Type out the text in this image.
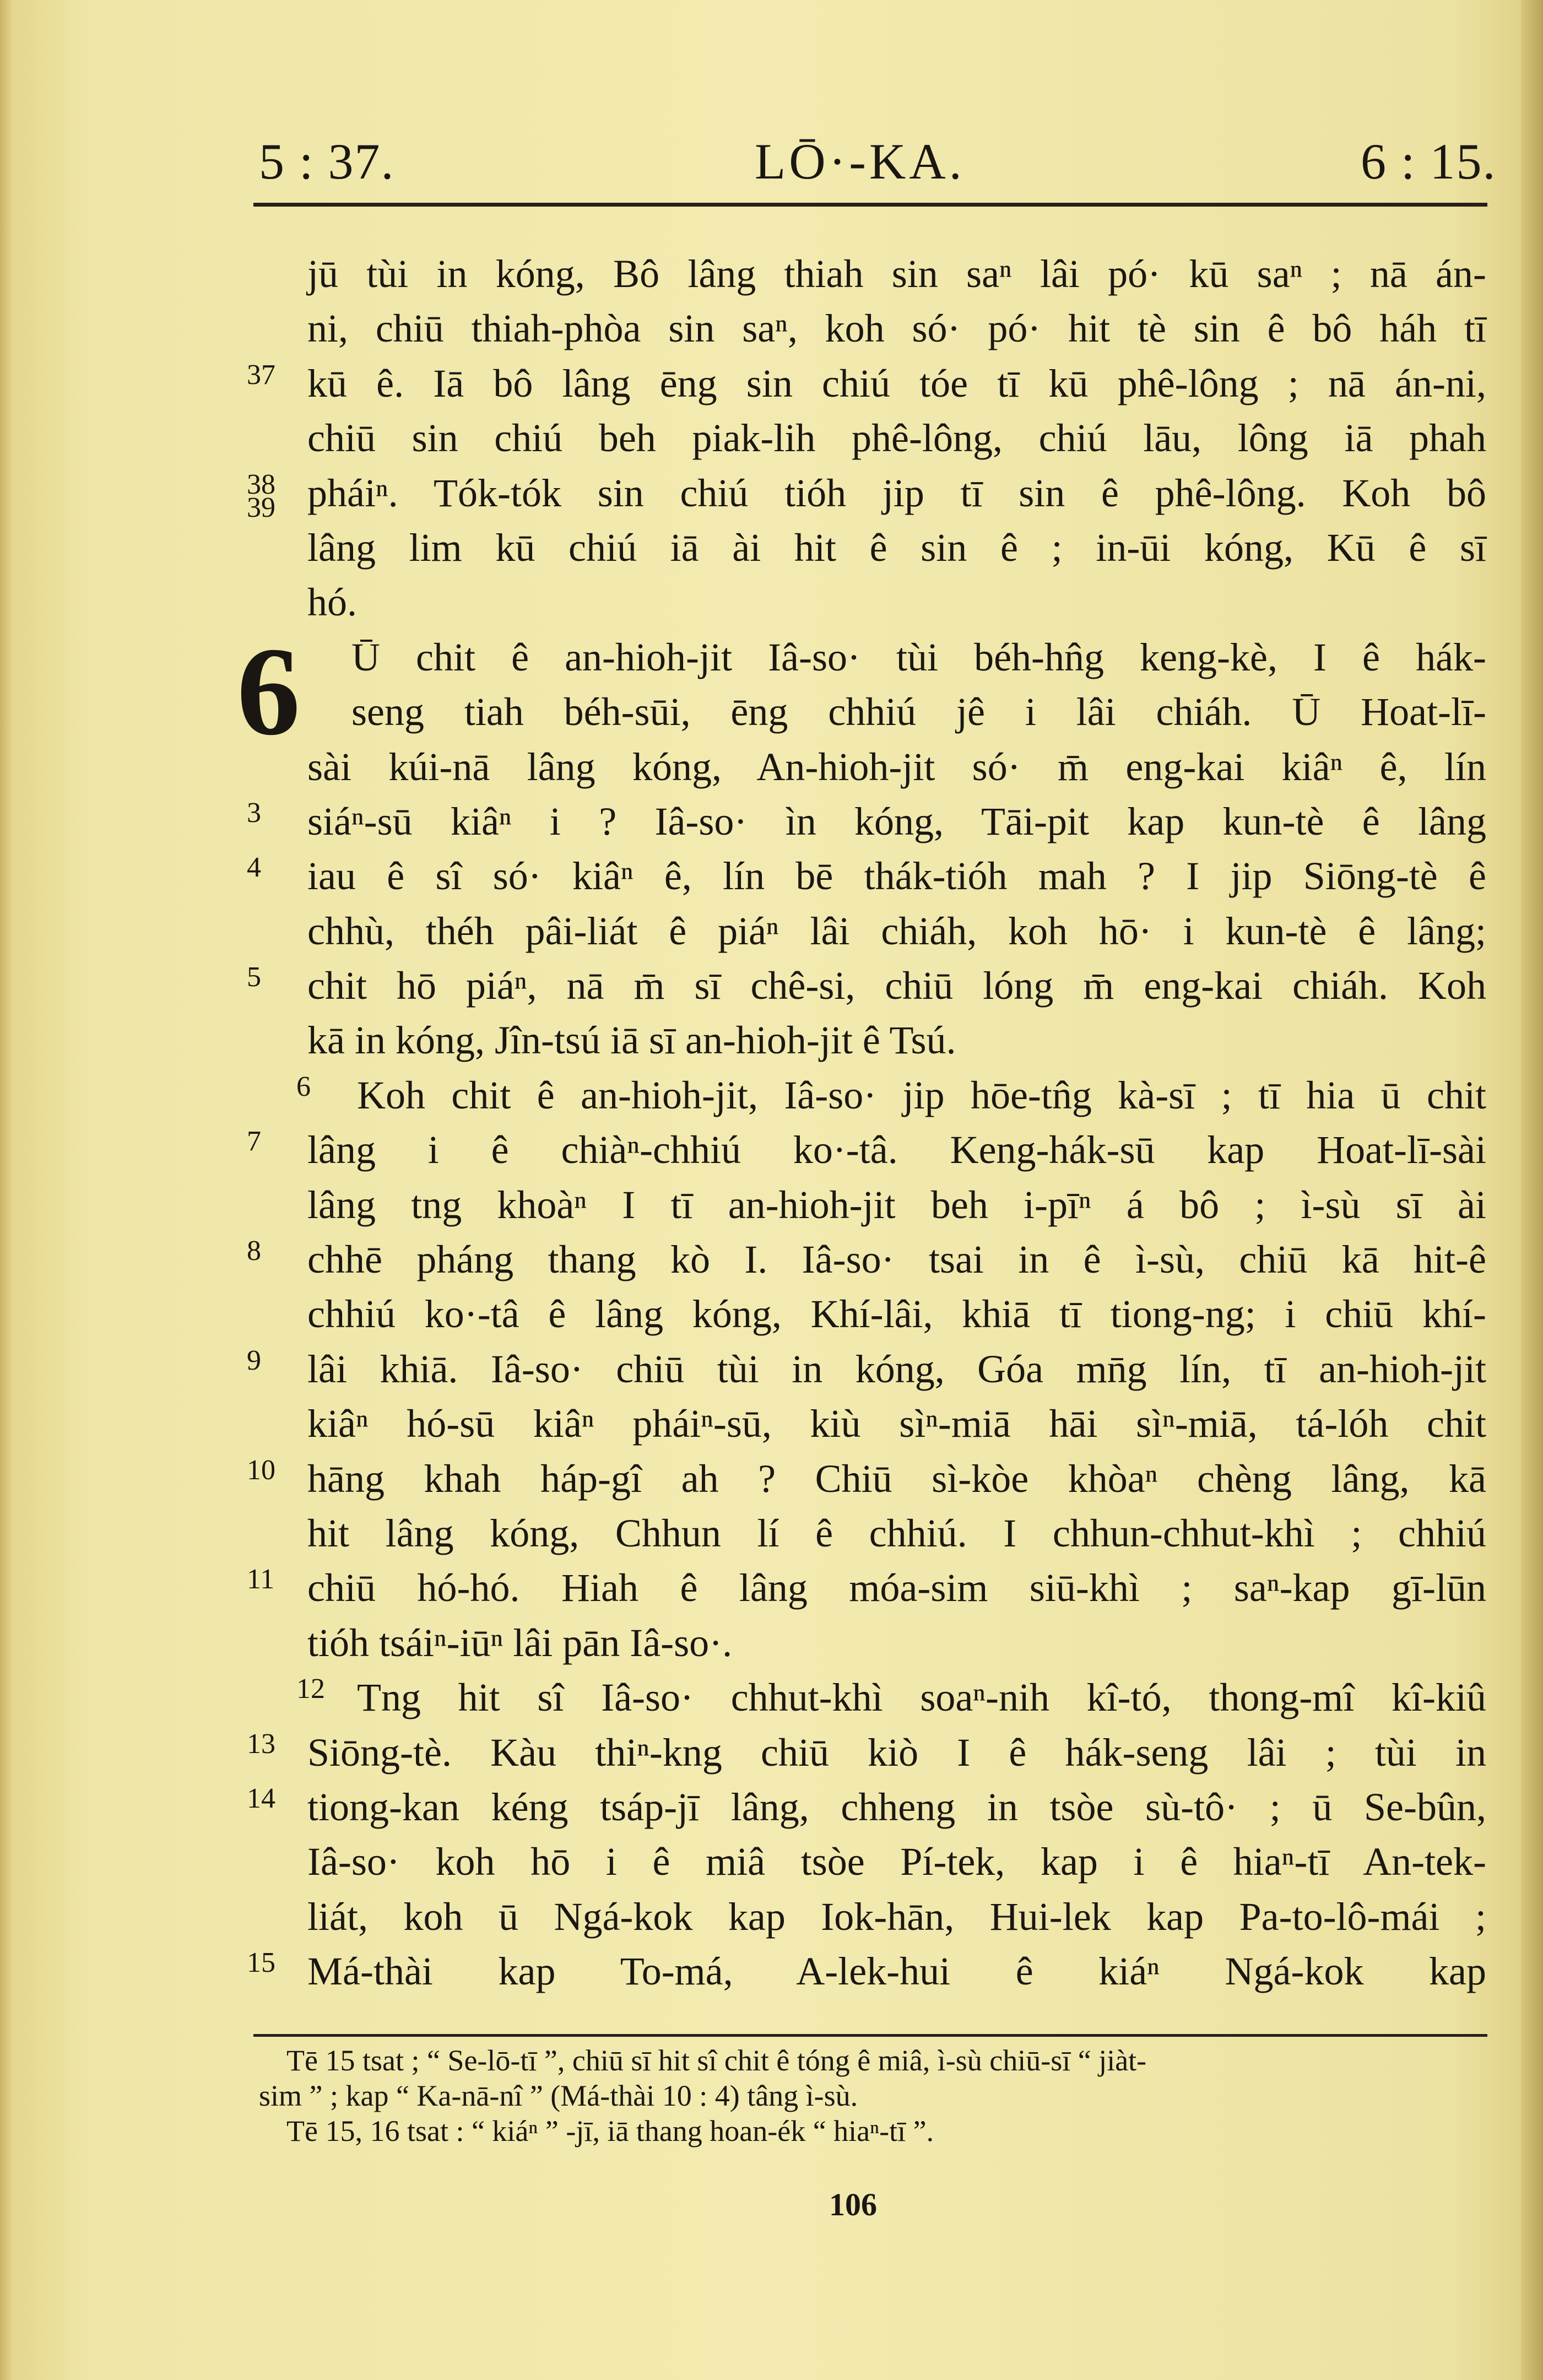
5 : 37.	LŌ·-KA.	6 : 15.
6
jū tùi in kóng, Bô lâng thiah sin saⁿ lâi pó· kū saⁿ ; nā án-
ni, chiū thiah-phòa sin saⁿ, koh só· pó· hit tè sin ê bô háh tī
37 kū ê. Iā bô lâng ēng sin chiú tóe tī kū phê-lông ; nā án-ni,
chiū sin chiú beh piak-lih phê-lông, chiú lāu, lông iā phah
38
39 pháiⁿ. Tók-tók sin chiú tióh jip tī sin ê phê-lông. Koh bô
lâng lim kū chiú iā ài hit ê sin ê ; in-ūi kóng, Kū ê sī
hó.
Ū chit ê an-hioh-jit Iâ-so· tùi béh-hn̂g keng-kè, I ê hák-
seng tiah béh-sūi, ēng chhiú jê i lâi chiáh. Ū Hoat-lī-
sài kúi-nā lâng kóng, An-hioh-jit só· m̄ eng-kai kiâⁿ ê, lín
3	siáⁿ-sū kiâⁿ i ? Iâ-so· ìn kóng, Tāi-pit kap kun-tè ê lâng
4	iau ê sî só· kiâⁿ ê, lín bē thák-tióh mah ? I jip Siōng-tè ê
chhù, théh pâi-liát ê piáⁿ lâi chiáh, koh hō· i kun-tè ê lâng;
5	chit hō piáⁿ, nā m̄ sī chê-si, chiū lóng m̄ eng-kai chiáh. Koh
kā in kóng, Jîn-tsú iā sī an-hioh-jit ê Tsú.
6	Koh chit ê an-hioh-jit, Iâ-so· jip hōe-tn̂g kà-sī ; tī hia ū chit
7	lâng i ê chiàⁿ-chhiú ko·-tâ. Keng-hák-sū kap Hoat-lī-sài
lâng tng khoàⁿ I tī an-hioh-jit beh i-pīⁿ á bô ; ì-sù sī ài
8	chhē pháng thang kò I. Iâ-so· tsai in ê ì-sù, chiū kā hit-ê
chhiú ko·-tâ ê lâng kóng, Khí-lâi, khiā tī tiong-ng; i chiū khí-
9	lâi khiā. Iâ-so· chiū tùi in kóng, Góa mn̄g lín, tī an-hioh-jit
kiâⁿ hó-sū kiâⁿ pháiⁿ-sū, kiù sìⁿ-miā hāi sìⁿ-miā, tá-lóh chit
10 hāng khah háp-gî ah ? Chiū sì-kòe khòaⁿ chèng lâng, kā
hit lâng kóng, Chhun lí ê chhiú. I chhun-chhut-khì ; chhiú
11 chiū hó-hó. Hiah ê lâng móa-sim siū-khì ; saⁿ-kap gī-lūn
tióh tsáiⁿ-iūⁿ lâi pān Iâ-so·.
12 Tng hit sî Iâ-so· chhut-khì soaⁿ-nih kî-tó, thong-mî kî-kiû
13 Siōng-tè. Kàu thiⁿ-kng chiū kiò I ê hák-seng lâi ; tùi in
14 tiong-kan kéng tsáp-jī lâng, chheng in tsòe sù-tô· ; ū Se-bûn,
Iâ-so· koh hō i ê miâ tsòe Pí-tek, kap i ê hiaⁿ-tī An-tek-
liát, koh ū Ngá-kok kap Iok-hān, Hui-lek kap Pa-to-lô-mái ;
15 Má-thài kap To-má, A-lek-hui ê kiáⁿ Ngá-kok kap
Tē 15 tsat ; “ Se-lō-tī ”, chiū sī hit sî chit ê tóng ê miâ, ì-sù chiū-sī “ jiàt-
sim ” ; kap “ Ka-nā-nî ” (Má-thài 10 : 4) tâng ì-sù.
Tē 15, 16 tsat : “ kiáⁿ ” -jī, iā thang hoan-ék “ hiaⁿ-tī ”.
106
